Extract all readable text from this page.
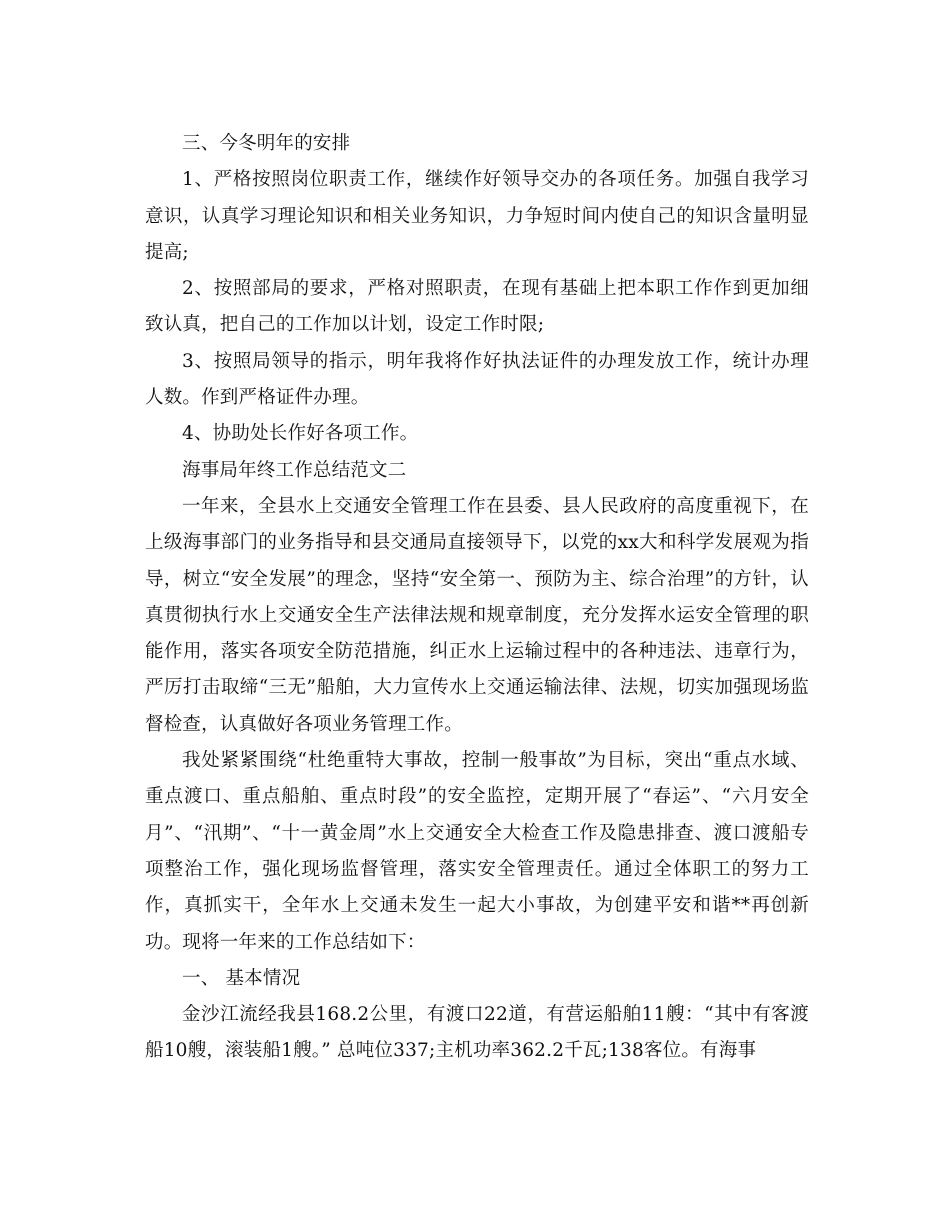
三、今冬明年的安排

1、严格按照岗位职责工作，继续作好领导交办的各项任务。加强自我学习意识，认真学习理论知识和相关业务知识，力争短时间内使自己的知识含量明显提高;

2、按照部局的要求，严格对照职责，在现有基础上把本职工作作到更加细致认真，把自己的工作加以计划，设定工作时限;

3、按照局领导的指示，明年我将作好执法证件的办理发放工作，统计办理人数。作到严格证件办理。

4、协助处长作好各项工作。

海事局年终工作总结范文二

一年来，全县水上交通安全管理工作在县委、县人民政府的高度重视下，在上级海事部门的业务指导和县交通局直接领导下，以党的xx大和科学发展观为指导，树立“安全发展”的理念，坚持“安全第一、预防为主、综合治理”的方针，认真贯彻执行水上交通安全生产法律法规和规章制度，充分发挥水运安全管理的职能作用，落实各项安全防范措施，纠正水上运输过程中的各种违法、违章行为，严厉打击取缔“三无”船舶，大力宣传水上交通运输法律、法规，切实加强现场监督检查，认真做好各项业务管理工作。

我处紧紧围绕“杜绝重特大事故，控制一般事故”为目标，突出“重点水域、重点渡口、重点船舶、重点时段”的安全监控，定期开展了“春运”、“六月安全月”、“汛期”、“十一黄金周”水上交通安全大检查工作及隐患排查、渡口渡船专项整治工作，强化现场监督管理，落实安全管理责任。通过全体职工的努力工作，真抓实干，全年水上交通未发生一起大小事故，为创建平安和谐**再创新功。现将一年来的工作总结如下：

一、 基本情况

金沙江流经我县168.2公里，有渡口22道，有营运船舶11艘：“其中有客渡船10艘，滚装船1艘。” 总吨位337;主机功率362.2千瓦;138客位。有海事
